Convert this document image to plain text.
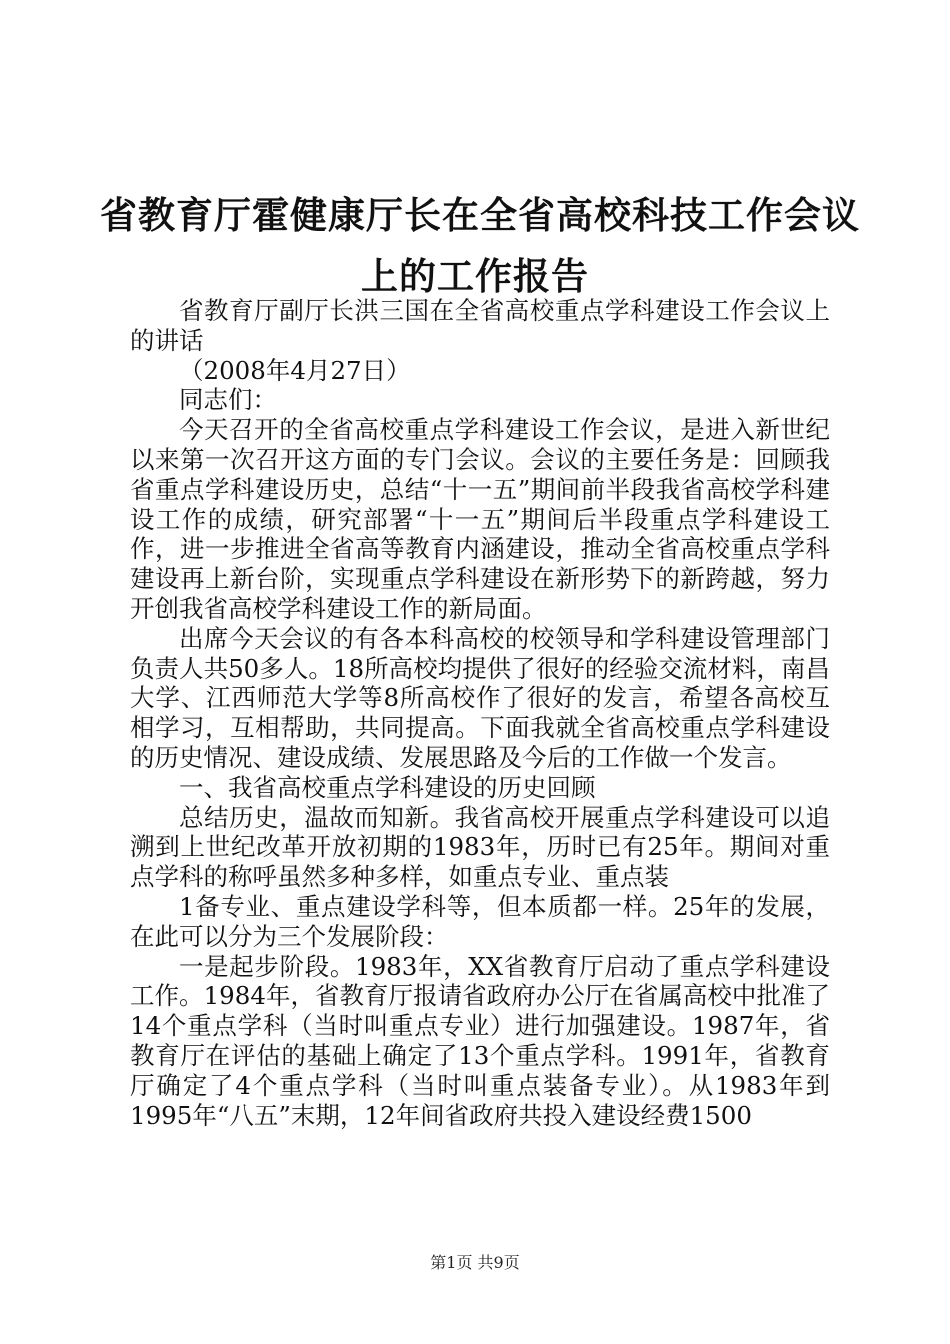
省教育厅霍健康厅长在全省高校科技工作会议
上的工作报告

省教育厅副厅长洪三国在全省高校重点学科建设工作会议上的讲话

（2008年4月27日）

同志们：

今天召开的全省高校重点学科建设工作会议，是进入新世纪以来第一次召开这方面的专门会议。会议的主要任务是：回顾我省重点学科建设历史，总结“十一五”期间前半段我省高校学科建设工作的成绩，研究部署“十一五”期间后半段重点学科建设工作，进一步推进全省高等教育内涵建设，推动全省高校重点学科建设再上新台阶，实现重点学科建设在新形势下的新跨越，努力开创我省高校学科建设工作的新局面。

出席今天会议的有各本科高校的校领导和学科建设管理部门负责人共50多人。18所高校均提供了很好的经验交流材料，南昌大学、江西师范大学等8所高校作了很好的发言，希望各高校互相学习，互相帮助，共同提高。下面我就全省高校重点学科建设的历史情况、建设成绩、发展思路及今后的工作做一个发言。

一、我省高校重点学科建设的历史回顾

总结历史，温故而知新。我省高校开展重点学科建设可以追溯到上世纪改革开放初期的1983年，历时已有25年。期间对重点学科的称呼虽然多种多样，如重点专业、重点装

1备专业、重点建设学科等，但本质都一样。25年的发展，在此可以分为三个发展阶段：

一是起步阶段。1983年，XX省教育厅启动了重点学科建设工作。1984年，省教育厅报请省政府办公厅在省属高校中批准了14个重点学科（当时叫重点专业）进行加强建设。1987年，省教育厅在评估的基础上确定了13个重点学科。1991年，省教育厅确定了4个重点学科（当时叫重点装备专业）。从1983年到1995年“八五”末期，12年间省政府共投入建设经费1500

第1页 共9页
